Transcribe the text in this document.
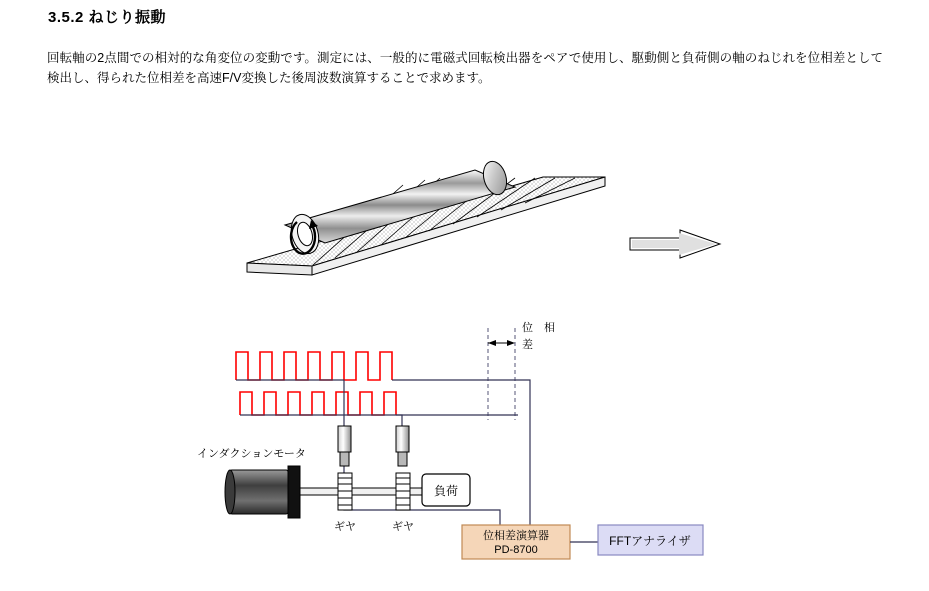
3.5.2 ねじり振動
回転軸の2点間での相対的な角変位の変動です。測定には、一般的に電磁式回転検出器をペアで使用し、駆動側と負荷側の軸のねじれを位相差として検出し、得られた位相差を高速F/V変換した後周波数演算することで求めます。
位　相
差
インダクションモータ
ギヤ	ギヤ
負荷
位相差演算器
PD-8700
FFTアナライザ
